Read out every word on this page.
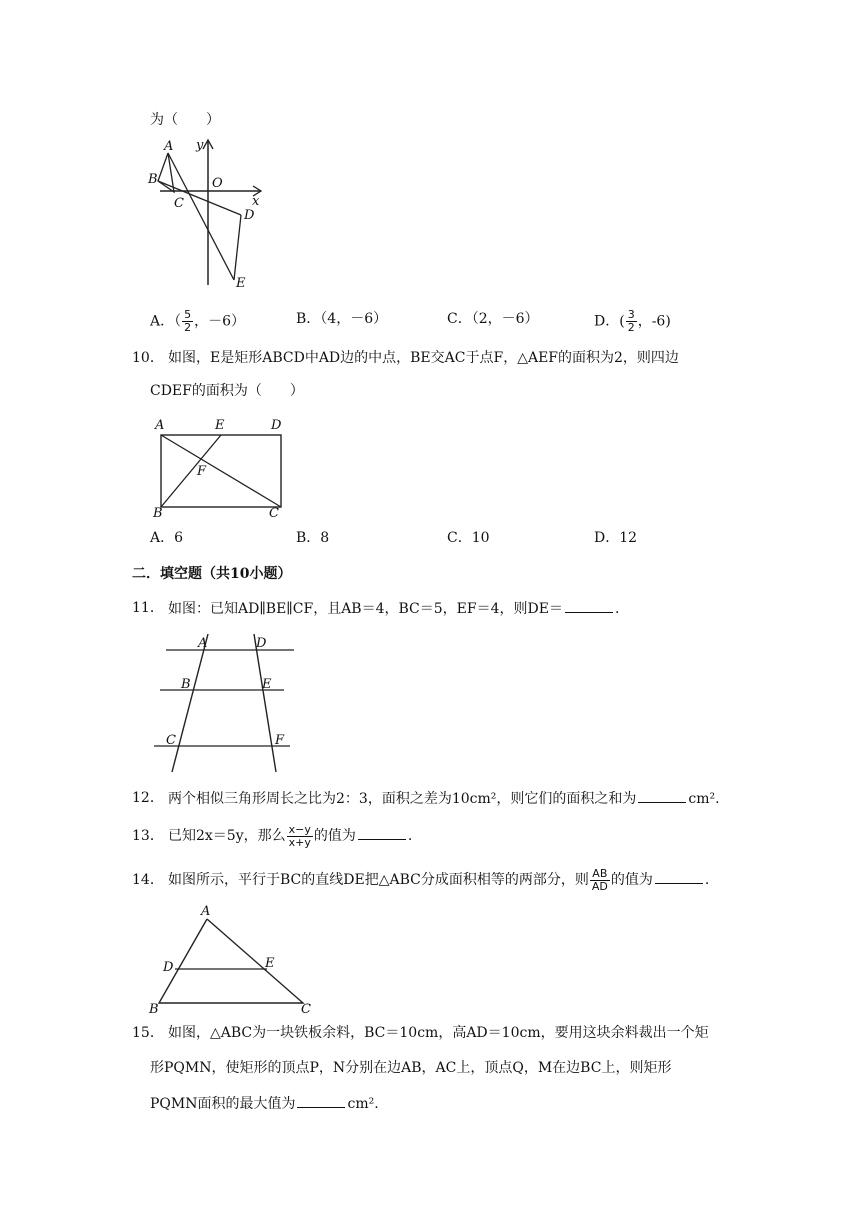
为（　　）
A
B
C
O
D
E
x
y
A．（ $\frac{5}{2}$ ，－6）	B．（4，－6）	C．（2，－6）	D．( $\frac{3}{2}$ ，-6)
10． 如图，E是矩形ABCD中AD边的中点，BE交AC于点F，△AEF的面积为2，则四边
CDEF的面积为（　　）
A	E	D
F
B	C
A．6	B．8	C．10	D．12
二．填空题（共10小题）
11． 如图：已知AD∥BE∥CF，且AB＝4，BC＝5，EF＝4，则DE＝	.
A	D
B	E
C	F
12． 两个相似三角形周长之比为2：3，面积之差为10cm²，则它们的面积之和为	cm².
13． 已知2x＝5y，那么 $\frac{x-y}{x+y}$ 的值为	.
14． 如图所示，平行于BC的直线DE把△ABC分成面积相等的两部分，则 $\frac{AB}{AD}$ 的值为	.
A
D	E
B	C
15． 如图，△ABC为一块铁板余料，BC＝10cm，高AD＝10cm，要用这块余料裁出一个矩
形PQMN，使矩形的顶点P，N分别在边AB，AC上，顶点Q，M在边BC上，则矩形
PQMN面积的最大值为	cm².
